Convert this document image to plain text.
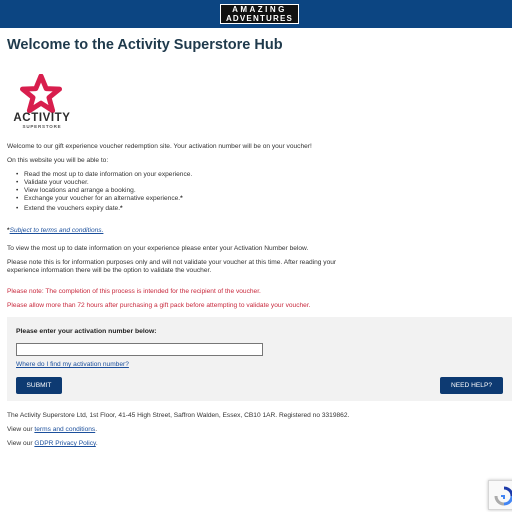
AMAZING
ADVENTURES
Welcome to the Activity Superstore Hub
ACTIVITY
SUPERSTORE

Welcome to our gift experience voucher redemption site. Your activation number will be on your voucher!

On this website you will be able to:

• Read the most up to date information on your experience.
• Validate your voucher.
• View locations and arrange a booking.
• Exchange your voucher for an alternative experience.*
• Extend the vouchers expiry date.*

*Subject to terms and conditions.

To view the most up to date information on your experience please enter your Activation Number below.

Please note this is for information purposes only and will not validate your voucher at this time. After reading your

experience information there will be the option to validate the voucher.

Please note: The completion of this process is intended for the recipient of the voucher.

Please allow more than 72 hours after purchasing a gift pack before attempting to validate your voucher.

Please enter your activation number below:
Where do I find my activation number?
SUBMIT	NEED HELP?

The Activity Superstore Ltd, 1st Floor, 41-45 High Street, Saffron Walden, Essex, CB10 1AR. Registered no 3319862.

View our terms and conditions.

View our GDPR Privacy Policy.
